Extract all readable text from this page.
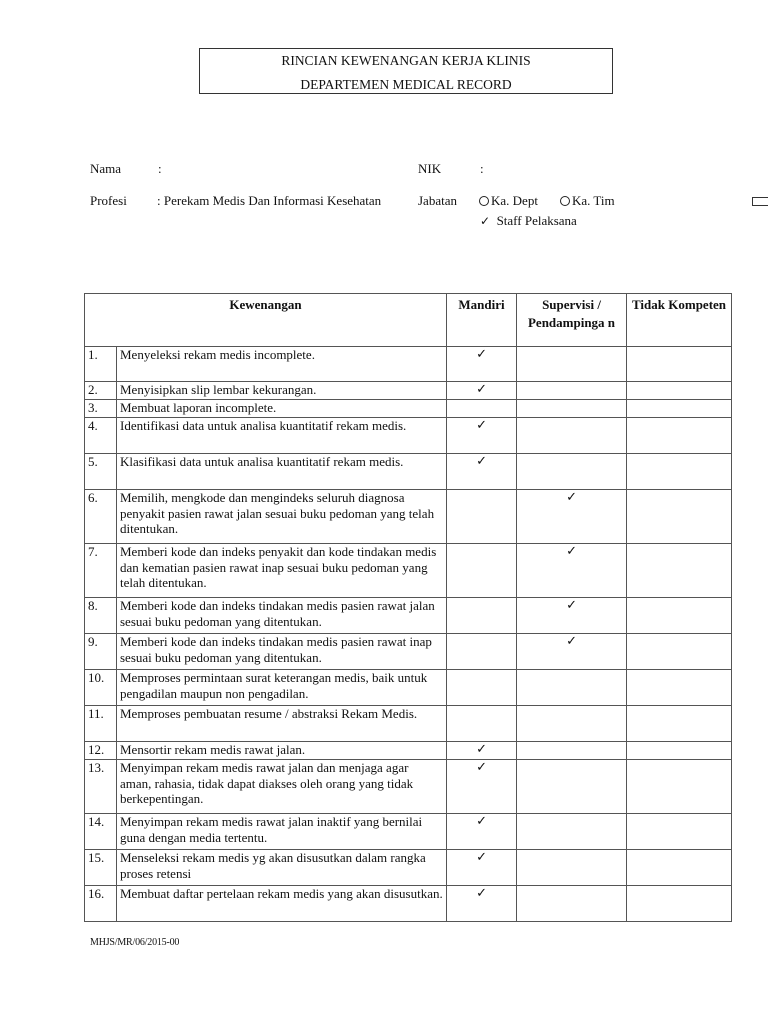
RINCIAN KEWENANGAN KERJA KLINIS
DEPARTEMEN MEDICAL RECORD
Nama	:	NIK	:
Profesi : Perekam Medis Dan Informasi Kesehatan	Jabatan	Ka. Dept	Ka. Tim
✓ Staff Pelaksana
Kewenangan		Mandiri	Supervisi / Pendampinga n	Tidak Kompeten
1.	Menyeleksi rekam medis incomplete.	✓		
2.	Menyisipkan slip lembar kekurangan.	✓		
3.	Membuat laporan incomplete.			
4.	Identifikasi data untuk analisa kuantitatif rekam medis.	✓		
5.	Klasifikasi data untuk analisa kuantitatif rekam medis.	✓		
6.	Memilih, mengkode dan mengindeks seluruh diagnosa penyakit pasien rawat jalan sesuai buku pedoman yang telah ditentukan.		✓	
7.	Memberi kode dan indeks penyakit dan kode tindakan medis dan kematian pasien rawat inap sesuai buku pedoman yang telah ditentukan.		✓	
8.	Memberi kode dan indeks tindakan medis pasien rawat jalan sesuai buku pedoman yang ditentukan.		✓	
9.	Memberi kode dan indeks tindakan medis pasien rawat inap sesuai buku pedoman yang ditentukan.		✓	
10.	Memproses permintaan surat keterangan medis, baik untuk pengadilan maupun non pengadilan.			
11.	Memproses pembuatan resume / abstraksi Rekam Medis.			
12.	Mensortir rekam medis rawat jalan.	✓		
13.	Menyimpan rekam medis rawat jalan dan menjaga agar aman, rahasia, tidak dapat diakses oleh orang yang tidak berkepentingan.	✓		
14.	Menyimpan rekam medis rawat jalan inaktif yang bernilai guna dengan media tertentu.	✓		
15.	Menseleksi rekam medis yg akan disusutkan dalam rangka proses retensi	✓		
16.	Membuat daftar pertelaan rekam medis yang akan disusutkan.	✓		
MHJS/MR/06/2015-00
